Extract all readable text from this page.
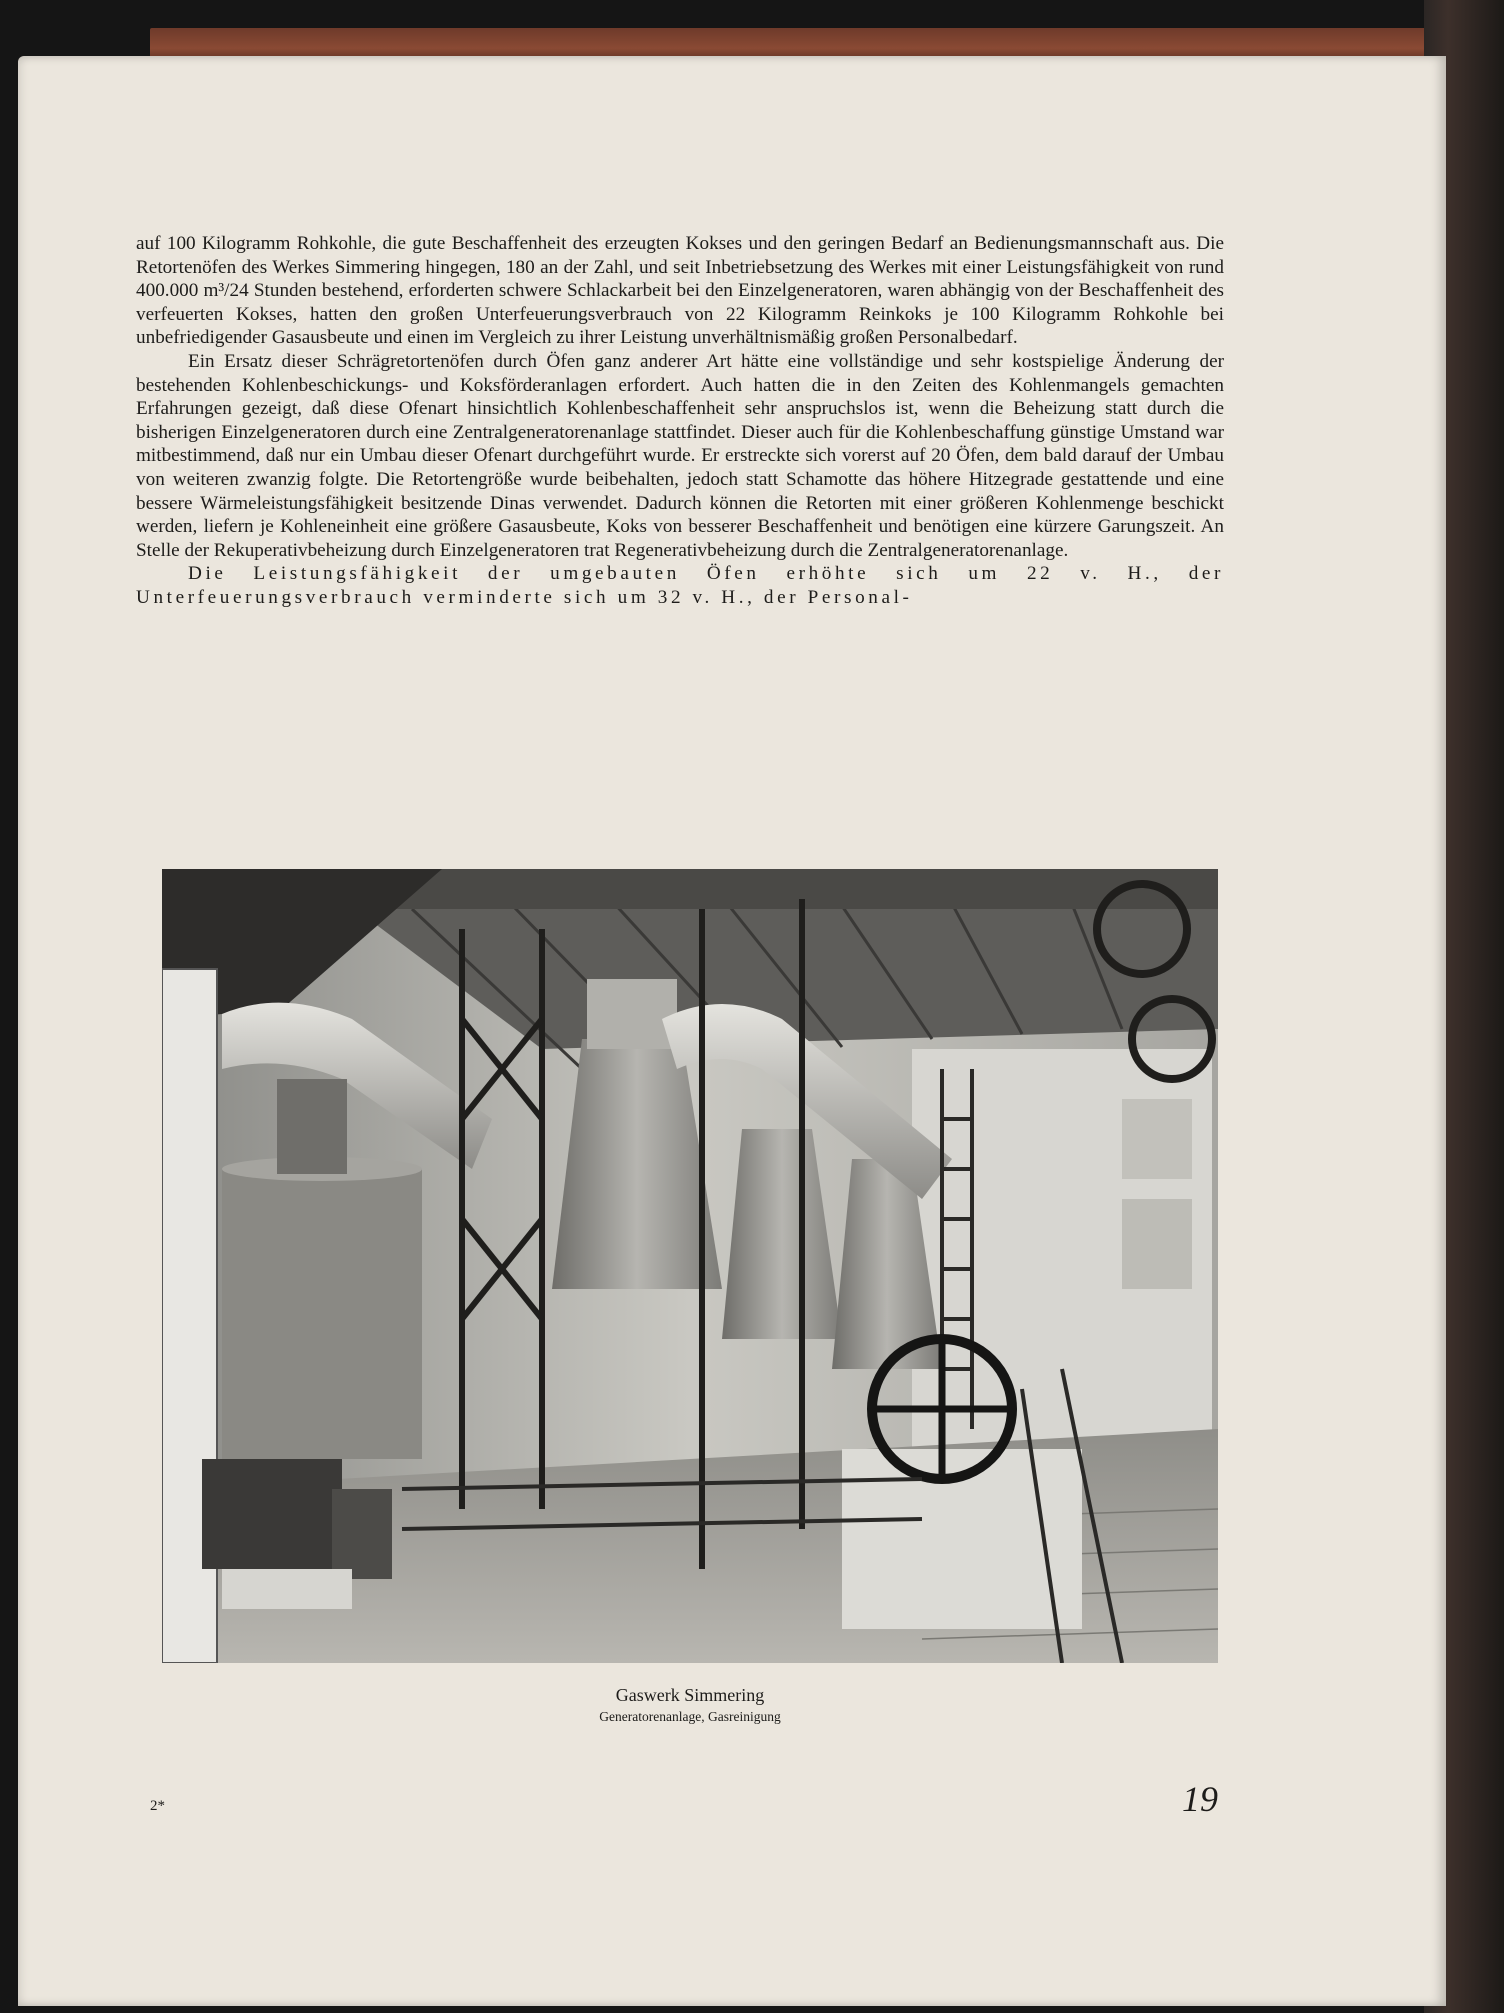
auf 100 Kilogramm Rohkohle, die gute Beschaffenheit des erzeugten Kokses und den geringen Bedarf an Bedienungsmannschaft aus. Die Retortenöfen des Werkes Simmering hingegen, 180 an der Zahl, und seit Inbetriebsetzung des Werkes mit einer Leistungsfähigkeit von rund 400.000 m³/24 Stunden bestehend, erforderten schwere Schlackarbeit bei den Einzelgeneratoren, waren abhängig von der Beschaffenheit des verfeuerten Kokses, hatten den großen Unterfeuerungsverbrauch von 22 Kilogramm Reinkoks je 100 Kilogramm Rohkohle bei unbefriedigender Gasausbeute und einen im Vergleich zu ihrer Leistung unverhältnismäßig großen Personalbedarf.

Ein Ersatz dieser Schrägretortenöfen durch Öfen ganz anderer Art hätte eine vollständige und sehr kostspielige Änderung der bestehenden Kohlenbeschickungs- und Koksförderanlagen erfordert. Auch hatten die in den Zeiten des Kohlenmangels gemachten Erfahrungen gezeigt, daß diese Ofenart hinsichtlich Kohlenbeschaffenheit sehr anspruchslos ist, wenn die Beheizung statt durch die bisherigen Einzelgeneratoren durch eine Zentralgeneratorenanlage stattfindet. Dieser auch für die Kohlenbeschaffung günstige Umstand war mitbestimmend, daß nur ein Umbau dieser Ofenart durchgeführt wurde. Er erstreckte sich vorerst auf 20 Öfen, dem bald darauf der Umbau von weiteren zwanzig folgte. Die Retortengröße wurde beibehalten, jedoch statt Schamotte das höhere Hitzegrade gestattende und eine bessere Wärmeleistungsfähigkeit besitzende Dinas verwendet. Dadurch können die Retorten mit einer größeren Kohlenmenge beschickt werden, liefern je Kohleneinheit eine größere Gasausbeute, Koks von besserer Beschaffenheit und benötigen eine kürzere Garungszeit. An Stelle der Rekuperativbeheizung durch Einzelgeneratoren trat Regenerativbeheizung durch die Zentralgeneratorenanlage.

Die Leistungsfähigkeit der umgebauten Öfen erhöhte sich um 22 v. H., der Unterfeuerungsverbrauch verminderte sich um 32 v. H., der Personal-

Gaswerk Simmering
Generatorenanlage, Gasreinigung
2*	19
